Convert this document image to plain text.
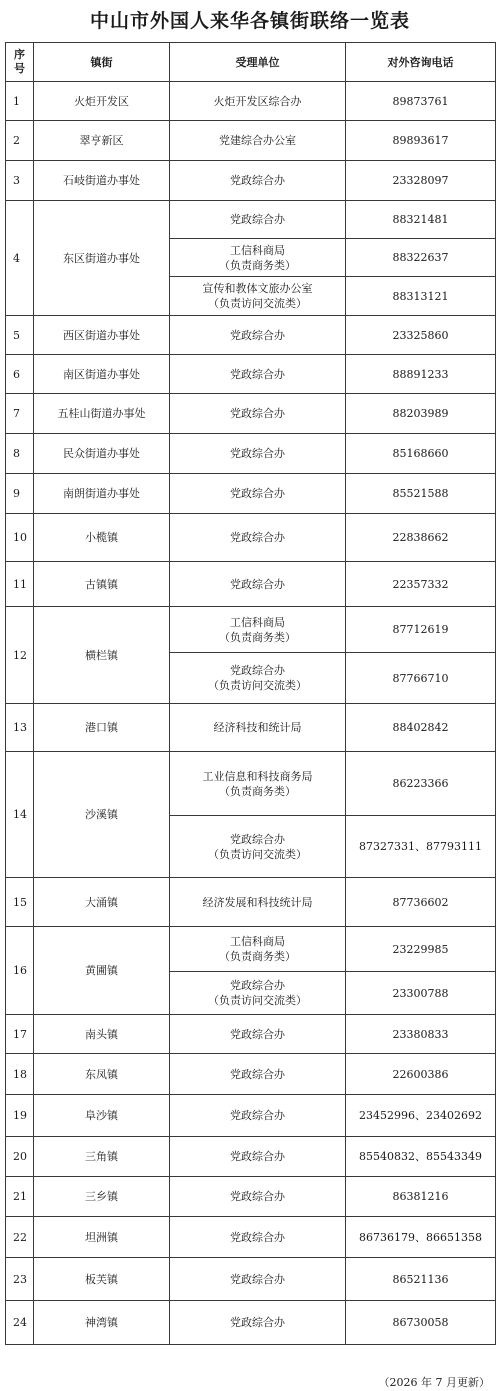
中山市外国人来华各镇街联络一览表
序号	镇街	受理单位	对外咨询电话
1	火炬开发区	火炬开发区综合办	89873761
2	翠亨新区	党建综合办公室	89893617
3	石岐街道办事处	党政综合办	23328097
4	东区街道办事处	党政综合办	88321481

		工信科商局
（负责商务类）	88322637

		宣传和教体文旅办公室
（负责访问交流类）	88313121
5	西区街道办事处	党政综合办	23325860
6	南区街道办事处	党政综合办	88891233
7	五桂山街道办事处	党政综合办	88203989
8	民众街道办事处	党政综合办	85168660
9	南朗街道办事处	党政综合办	85521588
10	小榄镇	党政综合办	22838662
11	古镇镇	党政综合办	22357332
12	横栏镇	工信科商局
（负责商务类）	87712619

		党政综合办
（负责访问交流类）	87766710
13	港口镇	经济科技和统计局	88402842
14	沙溪镇	工业信息和科技商务局
（负责商务类）	86223366

		党政综合办
（负责访问交流类）	87327331、87793111
15	大涌镇	经济发展和科技统计局	87736602
16	黄圃镇	工信科商局
（负责商务类）	23229985

		党政综合办
（负责访问交流类）	23300788
17	南头镇	党政综合办	23380833
18	东凤镇	党政综合办	22600386
19	阜沙镇	党政综合办	23452996、23402692
20	三角镇	党政综合办	85540832、85543349
21	三乡镇	党政综合办	86381216
22	坦洲镇	党政综合办	86736179、86651358
23	板芙镇	党政综合办	86521136
24	神湾镇	党政综合办	86730058
（2026 年 7 月更新）
